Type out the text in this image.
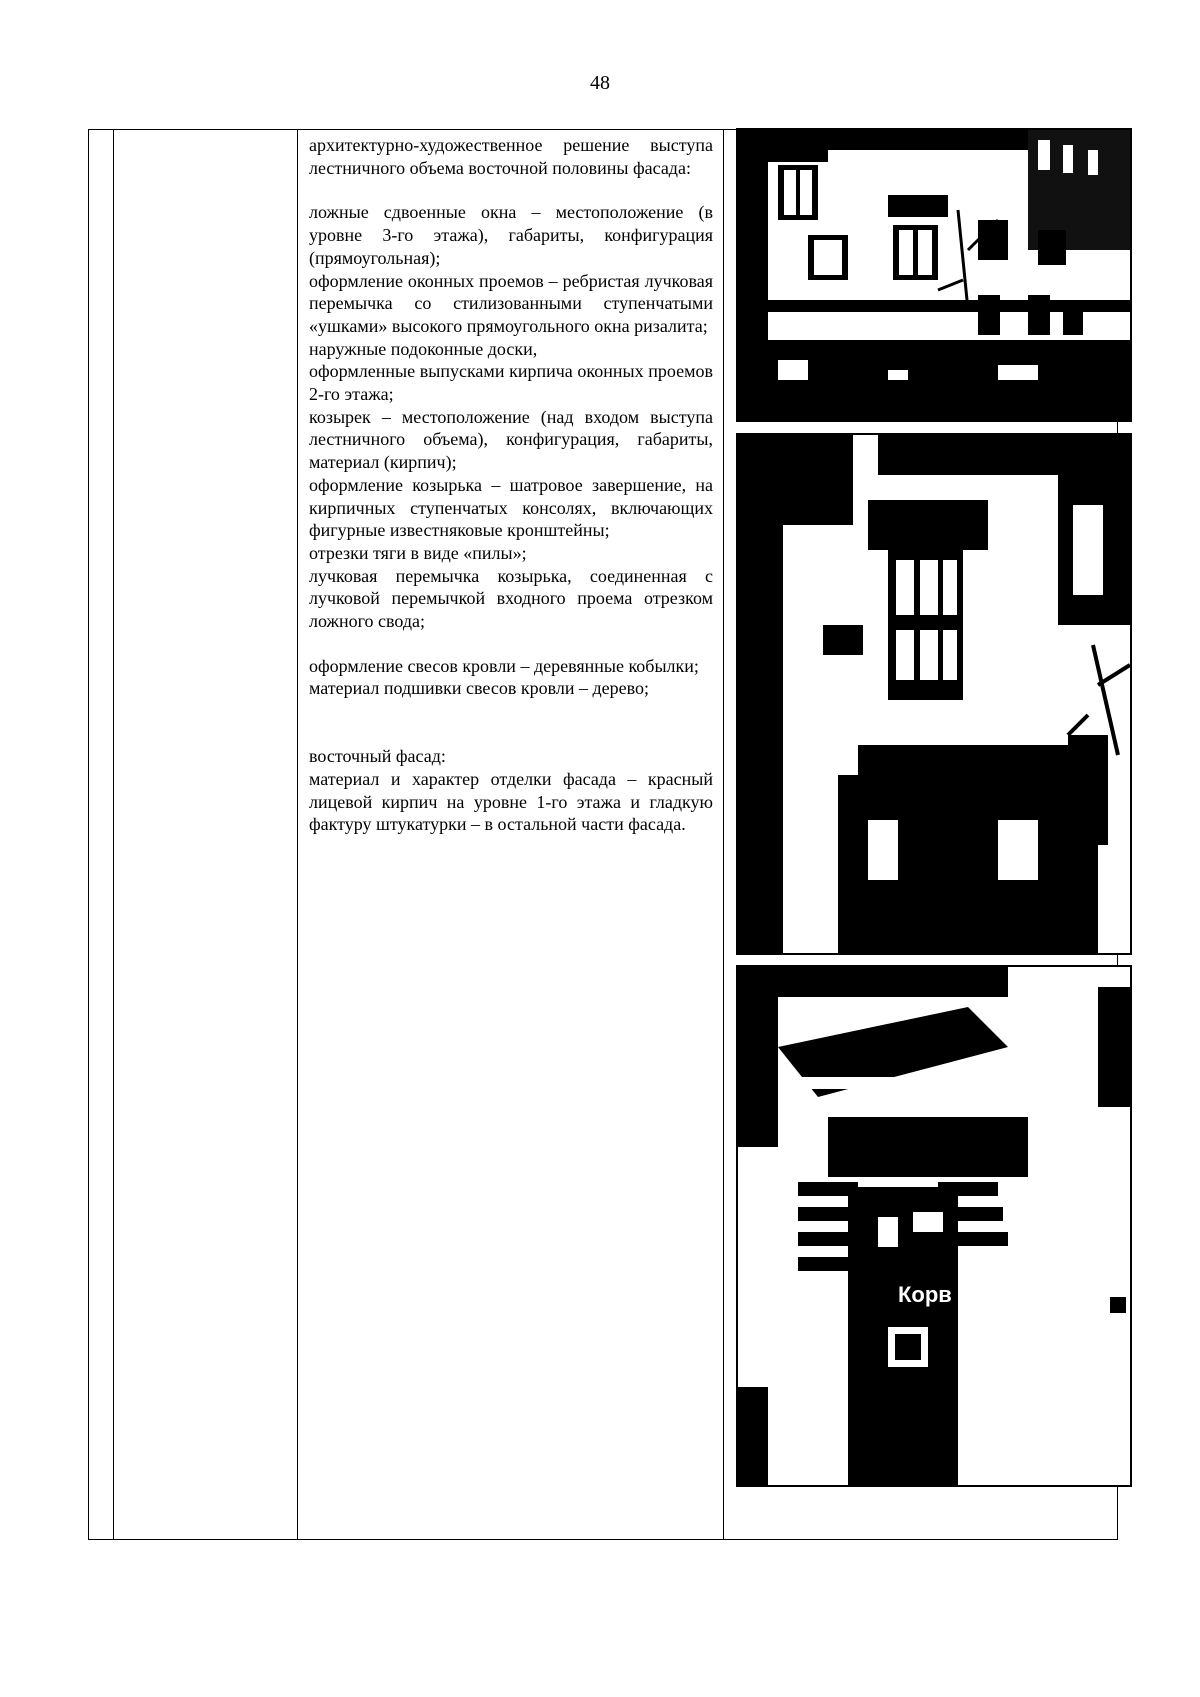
48

архитектурно-художественное решение выступа лестничного объема восточной половины фасада:

ложные сдвоенные окна – местоположение (в уровне 3-го этажа), габариты, конфигурация (прямоугольная);

оформление оконных проемов – ребристая лучковая перемычка со стилизованными ступенчатыми «ушками» высокого прямоугольного окна ризалита;

наружные подоконные доски,

оформленные выпусками кирпича оконных проемов 2-го этажа;

козырек – местоположение (над входом выступа лестничного объема), конфигурация, габариты, материал (кирпич);

оформление козырька – шатровое завершение, на кирпичных ступенчатых консолях, включающих фигурные известняковые кронштейны;

отрезки тяги в виде «пилы»;

лучковая перемычка козырька, соединенная с лучковой перемычкой входного проема отрезком ложного свода;

оформление свесов кровли – деревянные кобылки;

материал подшивки свесов кровли – дерево;

восточный фасад:

материал и характер отделки фасада – красный лицевой кирпич на уровне 1-го этажа и гладкую фактуру штукатурки – в остальной части фасада.

Корв
